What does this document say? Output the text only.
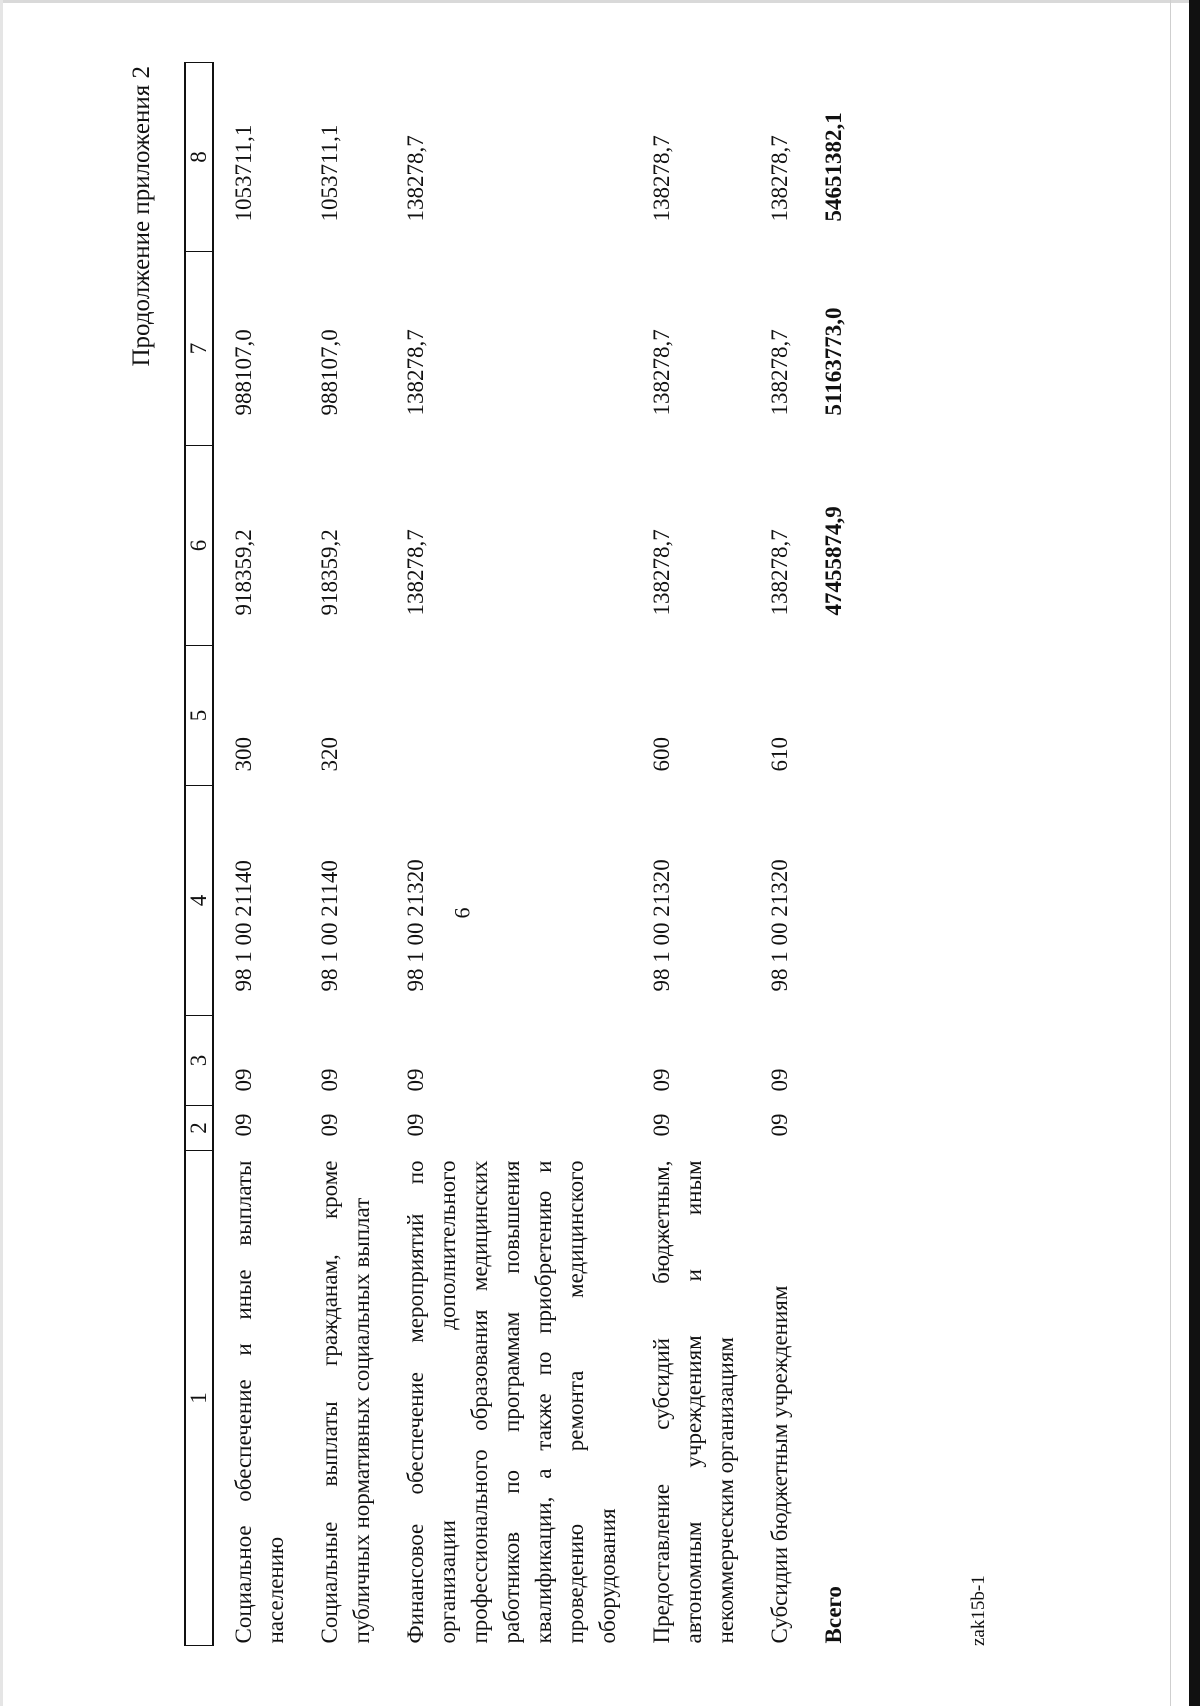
6
Продолжение приложения 2
1	2	3	4	5	6	7	8
Социальное обеспечение и иные выплаты населению	09	09	98 1 00 21140	300	918359,2	988107,0	1053711,1
Социальные выплаты гражданам, кроме публичных нормативных социальных выплат	09	09	98 1 00 21140	320	918359,2	988107,0	1053711,1
Финансовое обеспечение мероприятий по организации дополнительного профессионального образования медицинских работников по программам повышения квалификации, а также по приобретению и проведению ремонта медицинского оборудования	09	09	98 1 00 21320		138278,7	138278,7	138278,7
Предоставление субсидий бюджетным, автономным учреждениям и иным некоммерческим организациям	09	09	98 1 00 21320	600	138278,7	138278,7	138278,7
Субсидии бюджетным учреждениям	09	09	98 1 00 21320	610	138278,7	138278,7	138278,7
Всего					47455874,9	51163773,0	54651382,1
zak15b-1
